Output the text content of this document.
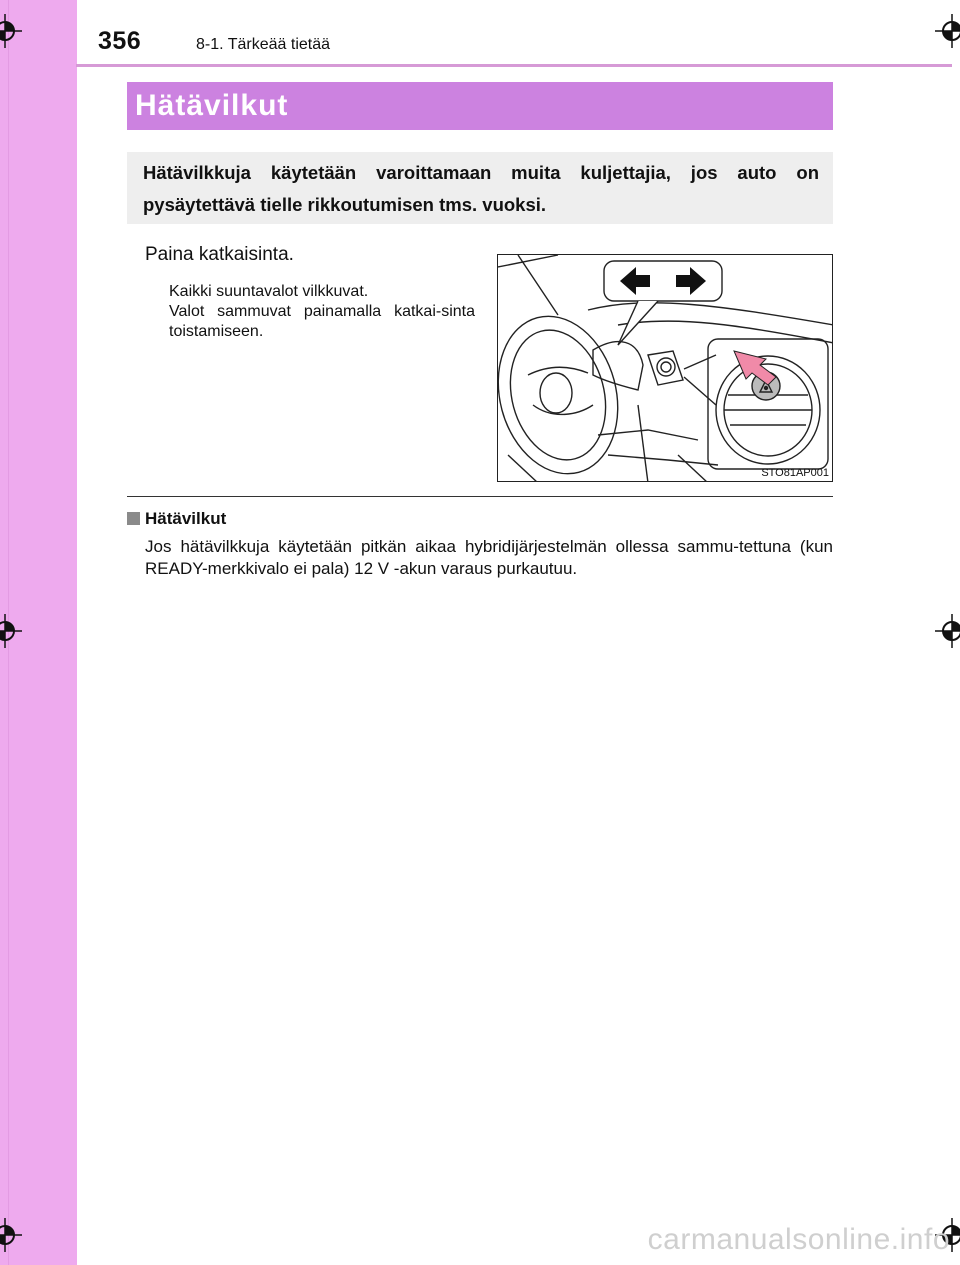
356	8-1. Tärkeää tietää
Hätävilkut
Hätävilkkuja käytetään varoittamaan muita kuljettajia, jos auto on pysäytettävä tielle rikkoutumisen tms. vuoksi.
Paina katkaisinta.
Kaikki suuntavalot vilkkuvat.
Valot sammuvat painamalla katkai-sinta toistamiseen.
STO81AP001
Hätävilkut
Jos hätävilkkuja käytetään pitkän aikaa hybridijärjestelmän ollessa sammu-tettuna (kun READY-merkkivalo ei pala) 12 V -akun varaus purkautuu.
carmanualsonline.info
